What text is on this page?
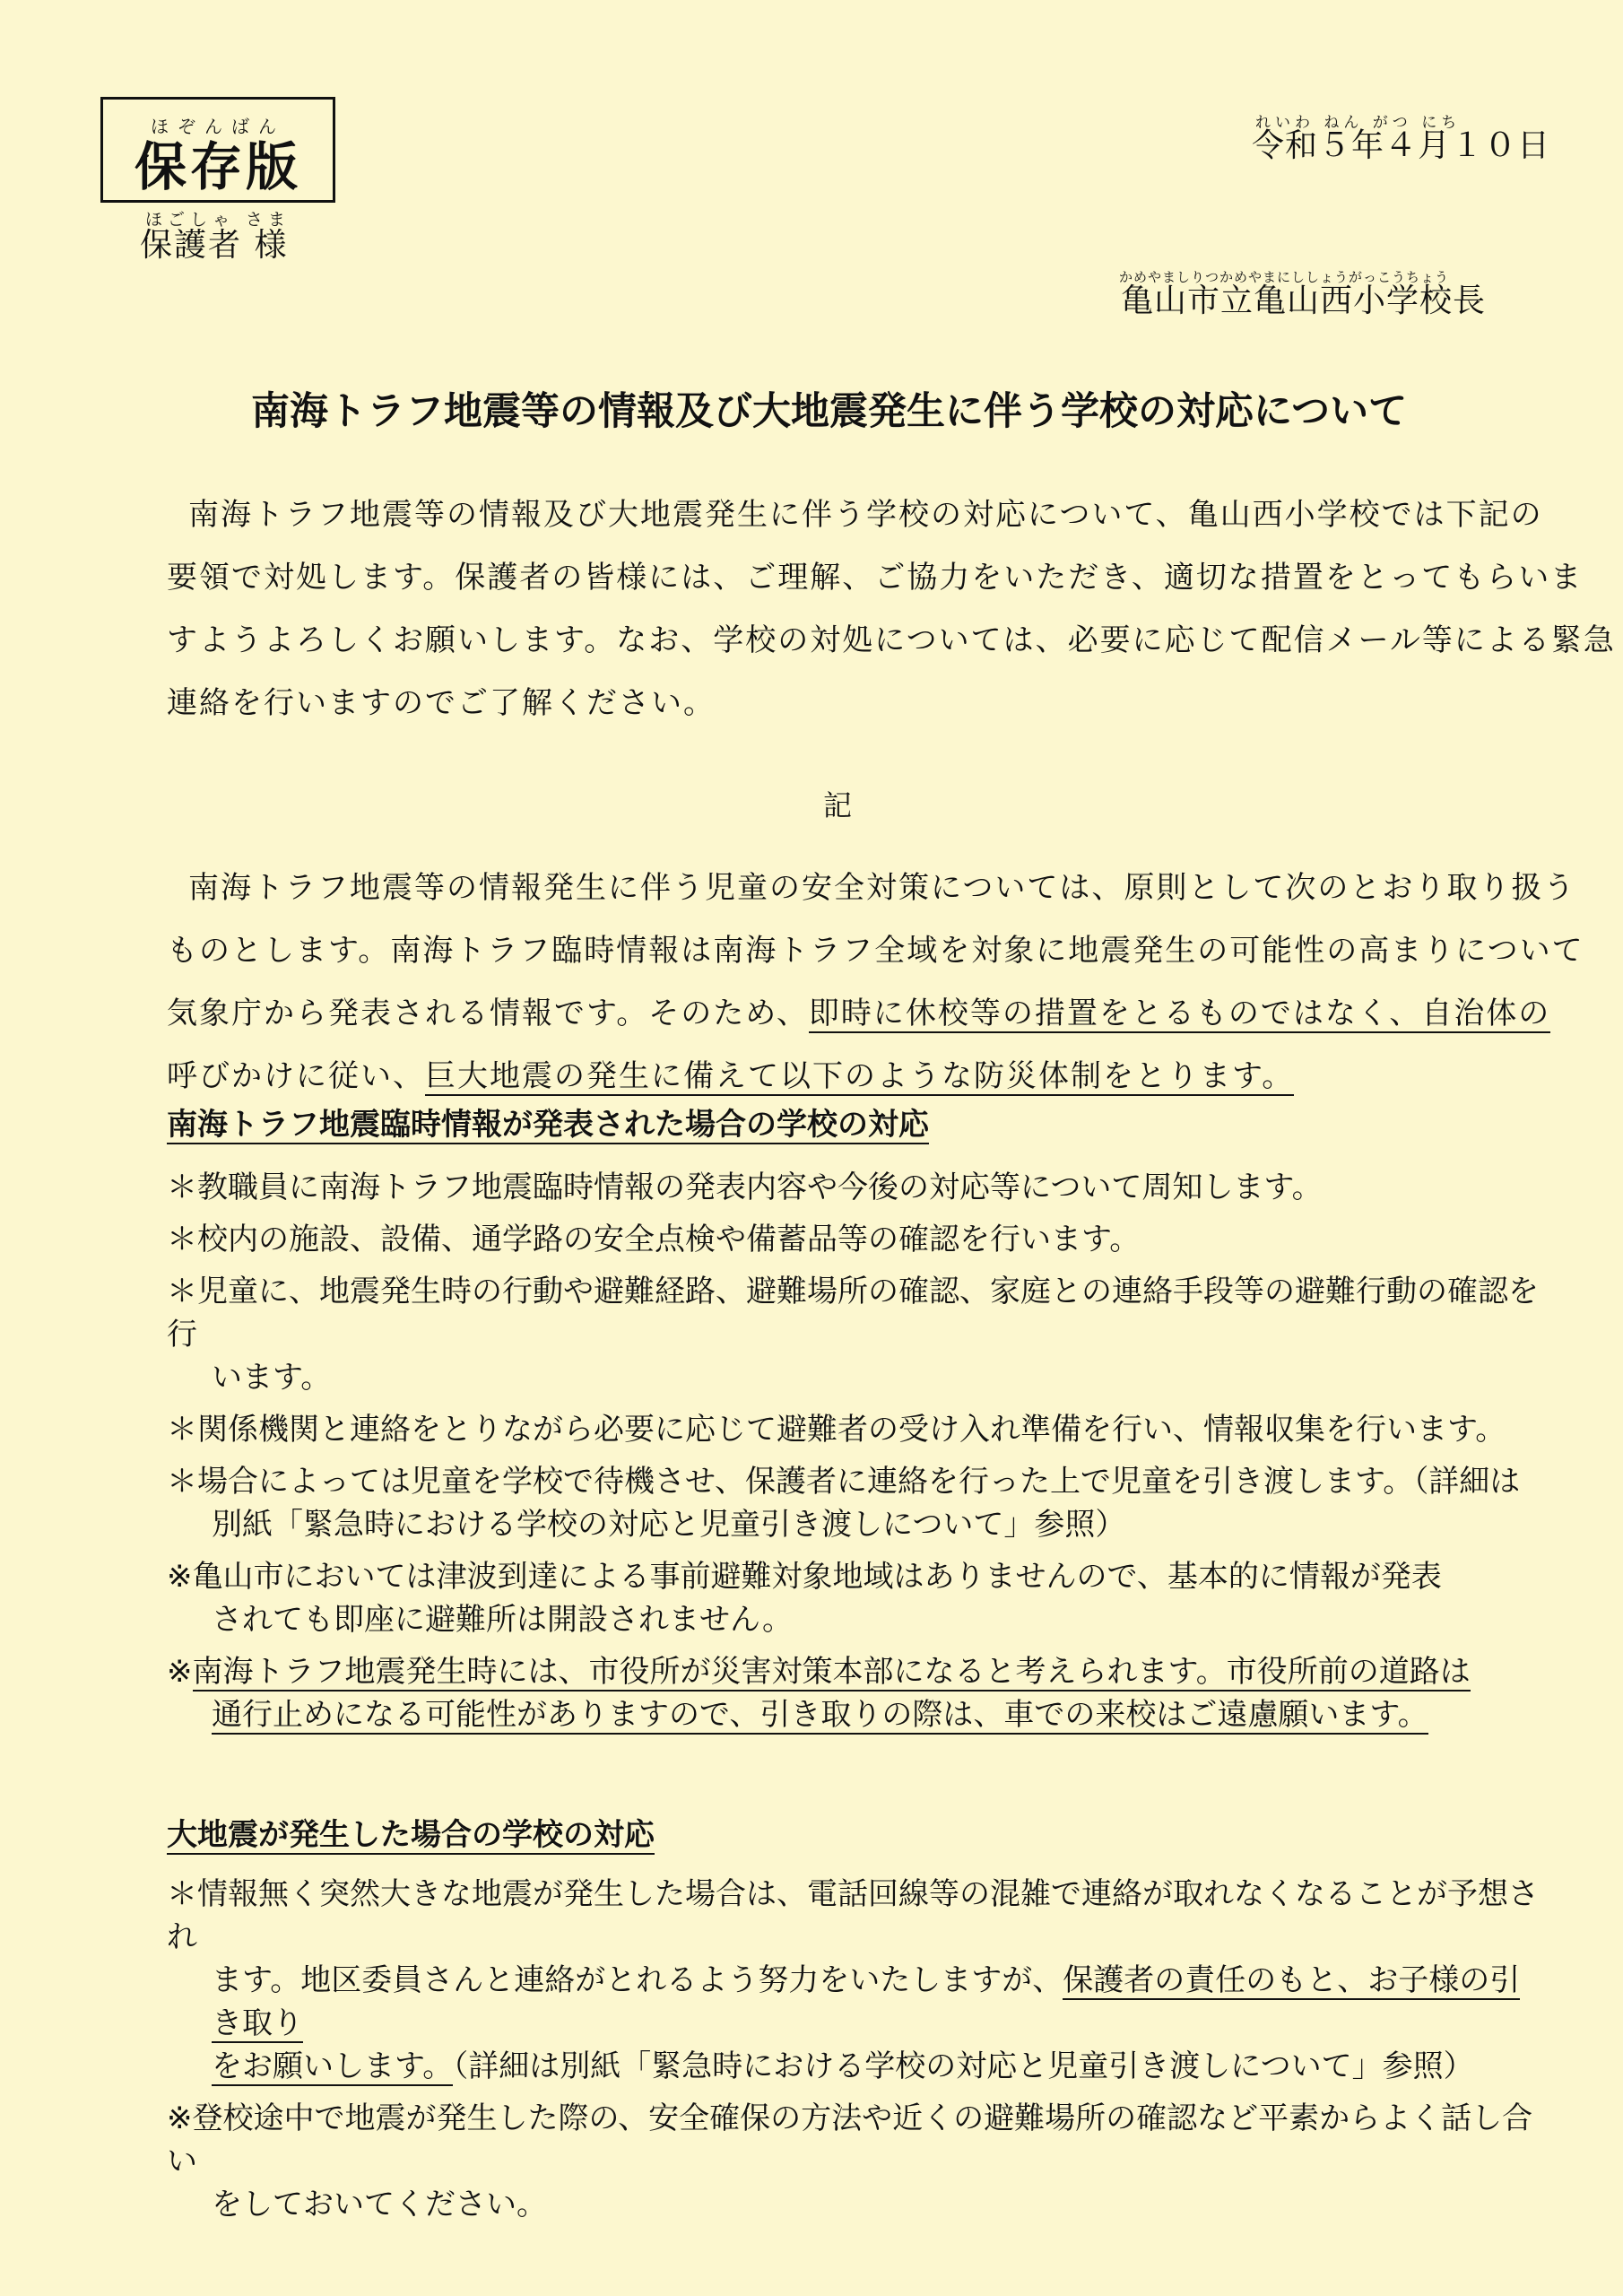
ほぞんばん
保存版
ほごしゃ さま
保護者 様
れいわ ねん がつ にち
令和５年４月１０日
かめやましりつかめやまにししょうがっこうちょう
亀山市立亀山西小学校長
南海トラフ地震等の情報及び大地震発生に伴う学校の対応について
南海トラフ地震等の情報及び大地震発生に伴う学校の対応について、亀山西小学校では下記の
要領で対処します。保護者の皆様には、ご理解、ご協力をいただき、適切な措置をとってもらいま
すようよろしくお願いします。なお、学校の対処については、必要に応じて配信メール等による緊急
連絡を行いますのでご了解ください。
記
南海トラフ地震等の情報発生に伴う児童の安全対策については、原則として次のとおり取り扱う
ものとします。南海トラフ臨時情報は南海トラフ全域を対象に地震発生の可能性の高まりについて
気象庁から発表される情報です。そのため、即時に休校等の措置をとるものではなく、自治体の
呼びかけに従い、巨大地震の発生に備えて以下のような防災体制をとります。
南海トラフ地震臨時情報が発表された場合の学校の対応
＊教職員に南海トラフ地震臨時情報の発表内容や今後の対応等について周知します。
＊校内の施設、設備、通学路の安全点検や備蓄品等の確認を行います。
＊児童に、地震発生時の行動や避難経路、避難場所の確認、家庭との連絡手段等の避難行動の確認を行
います。
＊関係機関と連絡をとりながら必要に応じて避難者の受け入れ準備を行い、情報収集を行います。
＊場合によっては児童を学校で待機させ、保護者に連絡を行った上で児童を引き渡します。（詳細は
別紙「緊急時における学校の対応と児童引き渡しについて」参照）
※亀山市においては津波到達による事前避難対象地域はありませんので、基本的に情報が発表
されても即座に避難所は開設されません。
※南海トラフ地震発生時には、市役所が災害対策本部になると考えられます。市役所前の道路は
通行止めになる可能性がありますので、引き取りの際は、車での来校はご遠慮願います。
大地震が発生した場合の学校の対応
＊情報無く突然大きな地震が発生した場合は、電話回線等の混雑で連絡が取れなくなることが予想され
ます。地区委員さんと連絡がとれるよう努力をいたしますが、保護者の責任のもと、お子様の引き取り
をお願いします。（詳細は別紙「緊急時における学校の対応と児童引き渡しについて」参照）
※登校途中で地震が発生した際の、安全確保の方法や近くの避難場所の確認など平素からよく話し合い
をしておいてください。
